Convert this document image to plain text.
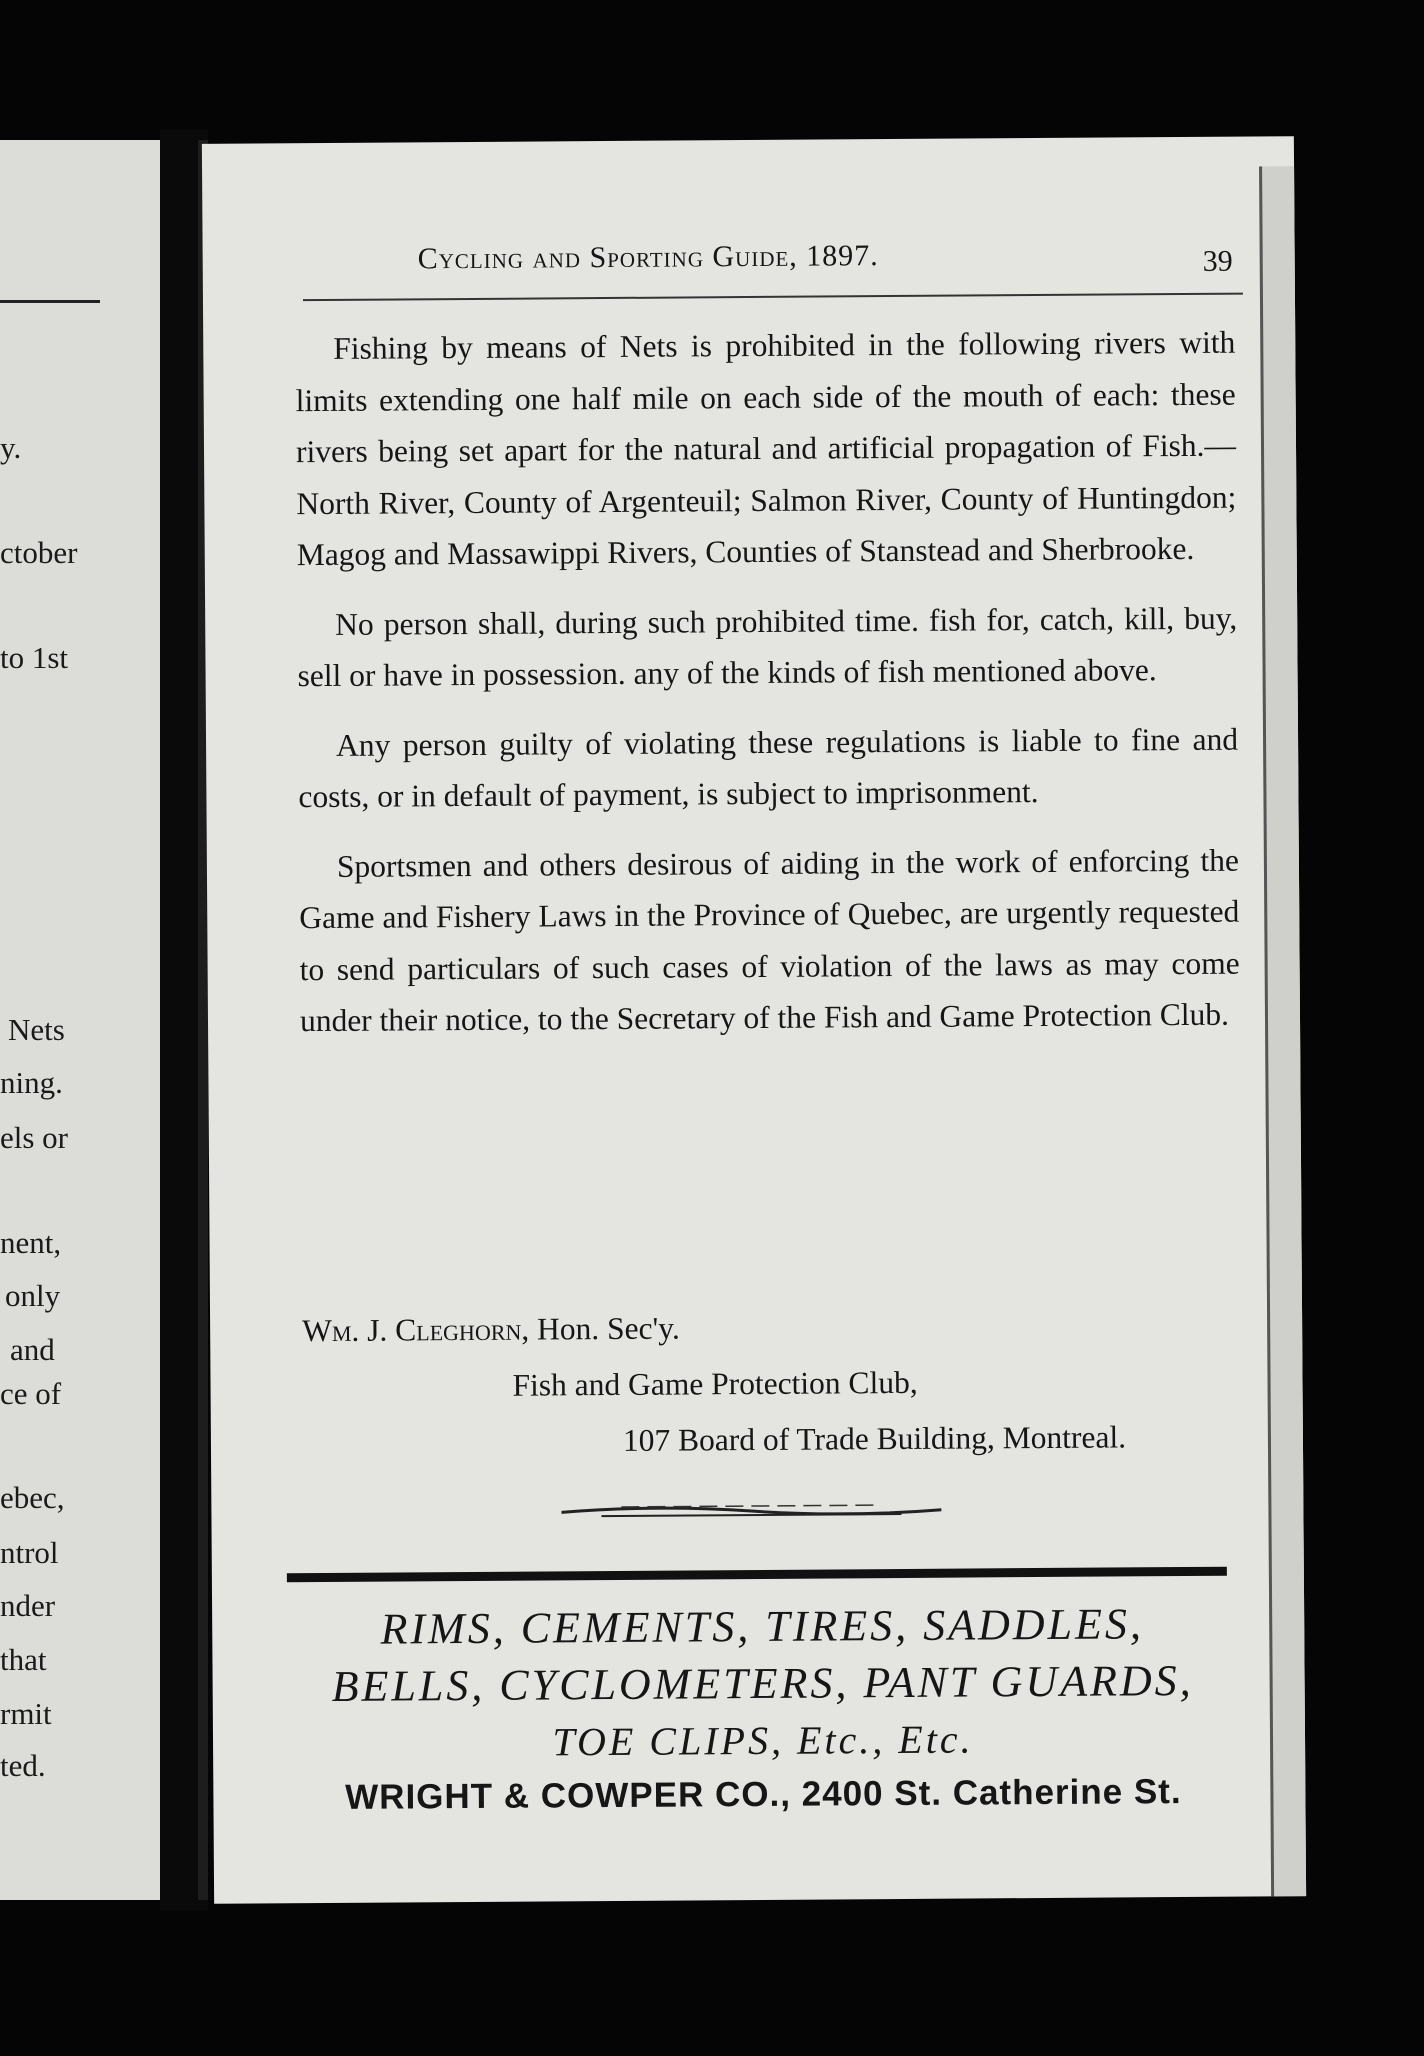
y.
ctober
to 1st
Nets
ning.
els or
nent,
only
and
ce of
ebec,
ntrol
nder
that
rmit
ted.
Cycling and Sporting Guide, 1897.	39

Fishing by means of Nets is prohibited in the following rivers with limits extending one half mile on each side of the mouth of each: these rivers being set apart for the natural and artificial propagation of Fish.—North River, County of Argenteuil; Salmon River, County of Huntingdon; Magog and Massawippi Rivers, Counties of Stanstead and Sherbrooke.

No person shall, during such prohibited time. fish for, catch, kill, buy, sell or have in possession. any of the kinds of fish mentioned above.

Any person guilty of violating these regulations is liable to fine and costs, or in default of payment, is subject to imprisonment.

Sportsmen and others desirous of aiding in the work of enforcing the Game and Fishery Laws in the Province of Quebec, are urgently requested to send particulars of such cases of violation of the laws as may come under their notice, to the Secretary of the Fish and Game Protection Club.

Wm. J. Cleghorn, Hon. Sec'y.
Fish and Game Protection Club,
107 Board of Trade Building, Montreal.
RIMS, CEMENTS, TIRES, SADDLES,
BELLS, CYCLOMETERS, PANT GUARDS,
TOE CLIPS, Etc., Etc.
WRIGHT & COWPER CO., 2400 St. Catherine St.
